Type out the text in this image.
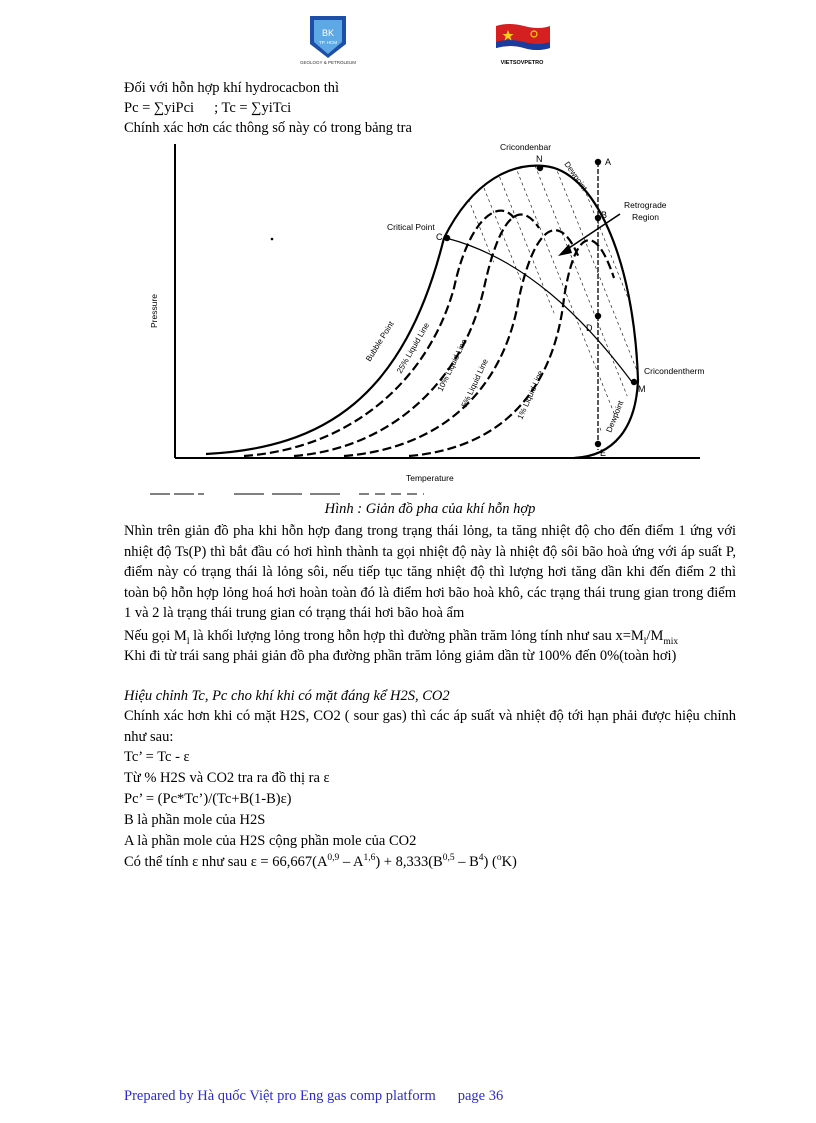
BK
TP. HCM
GEOLOGY & PETROLEUM	VIETSOVPETRO
Đối với hỗn hợp khí hydrocacbon thì
Pc = ∑yiPci ; Tc = ∑yiTci
Chính xác hơn các thông số này có trong bảng tra
N	A
B
C
D
M
E
Cricondenbar
Critical Point
Retrograde
Region
Cricondentherm
Bubble Point 25% Liquid Line 10% Liquid Line
5% Liquid Line	1% Liquid Line
Dewpoint
Dewpoint
Pressure
Temperature
Hình : Giản đồ pha của khí hỗn hợp
Nhìn trên giản đồ pha khi hỗn hợp đang trong trạng thái lỏng, ta tăng nhiệt độ cho đến điểm 1 ứng với nhiệt độ Ts(P) thì bắt đầu có hơi hình thành ta gọi nhiệt độ này là nhiệt độ sôi bão hoà ứng với áp suất P, điểm này có trạng thái là lỏng sôi, nếu tiếp tục tăng nhiệt độ thì lượng hơi tăng dần khi đến điểm 2 thì toàn bộ hỗn hợp lỏng hoá hơi hoàn toàn đó là điểm hơi bão hoà khô, các trạng thái trung gian trong điểm 1 và 2 là trạng thái trung gian có trạng thái hơi bão hoà ẩm
Nếu gọi $M_l$ là khối lượng lỏng trong hỗn hợp thì đường phần trăm lỏng tính như sau $x=M_l/M_{mix}$
Khi đi từ trái sang phải giản đồ pha đường phần trăm lỏng giảm dần từ 100% đến 0%(toàn hơi)
Hiệu chỉnh Tc, Pc cho khí khi có mặt đáng kể H2S, CO2
Chính xác hơn khi có mặt H2S, CO2 ( sour gas) thì các áp suất và nhiệt độ tới hạn phải được hiệu chỉnh như sau:
Tc’ = Tc - ε
Từ % H2S và CO2 tra ra đồ thị ra ε
Pc’ = (Pc*Tc’)/(Tc+B(1-B)ε)
B là phần mole của H2S
A là phần mole của H2S cộng phần mole của CO2
Có thể tính ε như sau $\varepsilon = 66,667(A^{0,9} - A^{1,6}) + 8,333(B^{0,5} - B^4)$ ($^o$K)
Prepared by Hà quốc Việt pro Eng gas comp platform page 36
